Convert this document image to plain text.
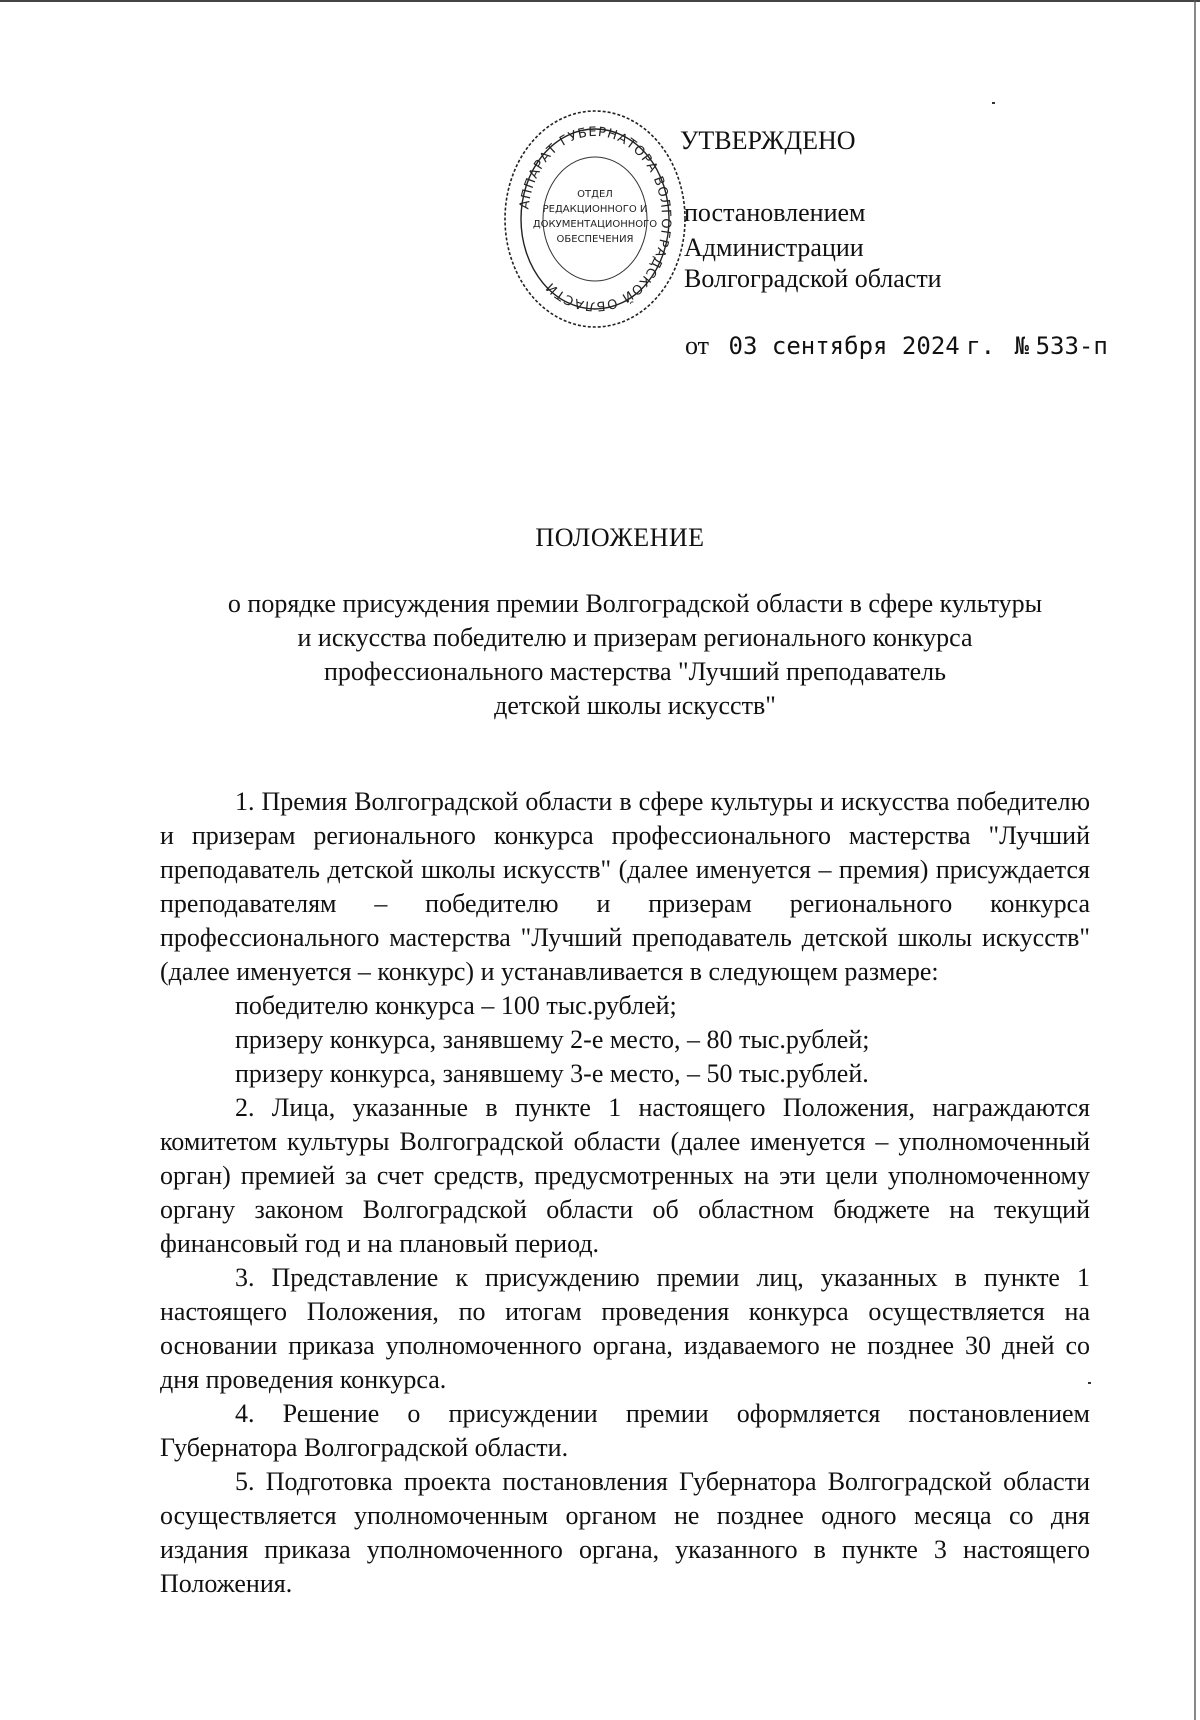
АППАРАТ ГУБЕРНАТОРА ВОЛГОГРАДСКОЙ ОБЛАСТИ
ОТДЕЛ
РЕДАКЦИОННОГО И
ДОКУМЕНТАЦИОННОГО
ОБЕСПЕЧЕНИЯ
УТВЕРЖДЕНО
постановлением
Администрации
Волгоградской области
от 03 сентября 2024 г. № 533-п
ПОЛОЖЕНИЕ
о порядке присуждения премии Волгоградской области в сфере культуры
и искусства победителю и призерам регионального конкурса
профессионального мастерства "Лучший преподаватель
детской школы искусств"

1. Премия Волгоградской области в сфере культуры и искусства победителю и призерам регионального конкурса профессионального мастерства "Лучший преподаватель детской школы искусств" (далее именуется – премия) присуждается преподавателям – победителю и призерам регионального конкурса профессионального мастерства "Лучший преподаватель детской школы искусств" (далее именуется – конкурс) и устанавливается в следующем размере:

победителю конкурса – 100 тыс.рублей;

призеру конкурса, занявшему 2-е место, – 80 тыс.рублей;

призеру конкурса, занявшему 3-е место, – 50 тыс.рублей.

2. Лица, указанные в пункте 1 настоящего Положения, награждаются комитетом культуры Волгоградской области (далее именуется – уполномоченный орган) премией за счет средств, предусмотренных на эти цели уполномоченному органу законом Волгоградской области об областном бюджете на текущий финансовый год и на плановый период.

3. Представление к присуждению премии лиц, указанных в пункте 1 настоящего Положения, по итогам проведения конкурса осуществляется на основании приказа уполномоченного органа, издаваемого не позднее 30 дней со дня проведения конкурса.

4. Решение о присуждении премии оформляется постановлением Губернатора Волгоградской области.

5. Подготовка проекта постановления Губернатора Волгоградской области осуществляется уполномоченным органом не позднее одного месяца со дня издания приказа уполномоченного органа, указанного в пункте 3 настоящего Положения.
